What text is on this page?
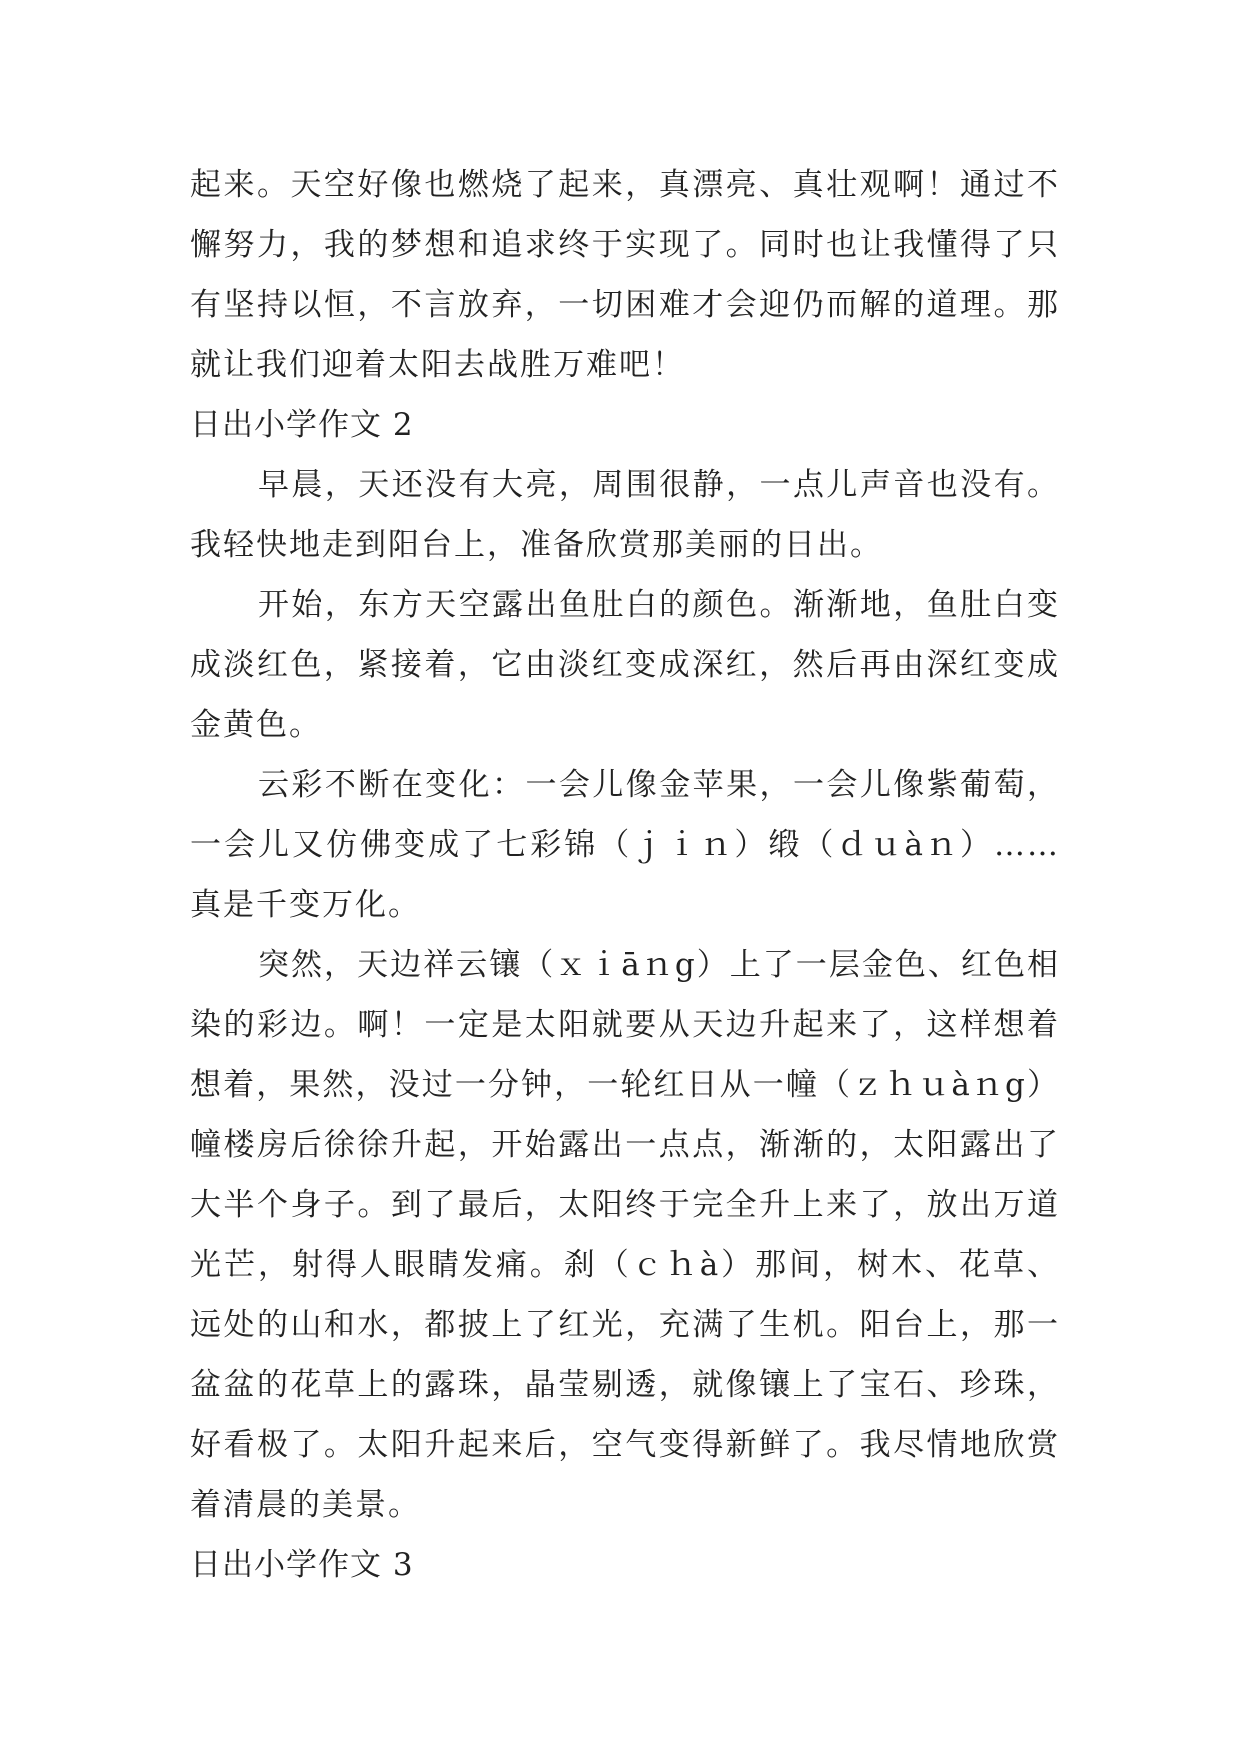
起来。天空好像也燃烧了起来，真漂亮、真壮观啊！通过不懈努力，我的梦想和追求终于实现了。同时也让我懂得了只有坚持以恒，不言放弃，一切困难才会迎仍而解的道理。那就让我们迎着太阳去战胜万难吧！

日出小学作文 2

早晨，天还没有大亮，周围很静，一点儿声音也没有。我轻快地走到阳台上，准备欣赏那美丽的日出。

开始，东方天空露出鱼肚白的颜色。渐渐地，鱼肚白变成淡红色，紧接着，它由淡红变成深红，然后再由深红变成金黄色。

云彩不断在变化：一会儿像金苹果，一会儿像紫葡萄，一会儿又仿佛变成了七彩锦（ｊｉｎ）缎（ｄｕàｎ）……真是千变万化。

突然，天边祥云镶（ｘｉāｎg）上了一层金色、红色相染的彩边。啊！一定是太阳就要从天边升起来了，这样想着想着，果然，没过一分钟，一轮红日从一幢（ｚｈｕàｎg）幢楼房后徐徐升起，开始露出一点点，渐渐的，太阳露出了大半个身子。到了最后，太阳终于完全升上来了，放出万道光芒，射得人眼睛发痛。刹（ｃｈà）那间，树木、花草、远处的山和水，都披上了红光，充满了生机。阳台上，那一盆盆的花草上的露珠，晶莹剔透，就像镶上了宝石、珍珠，好看极了。太阳升起来后，空气变得新鲜了。我尽情地欣赏着清晨的美景。

日出小学作文 3
